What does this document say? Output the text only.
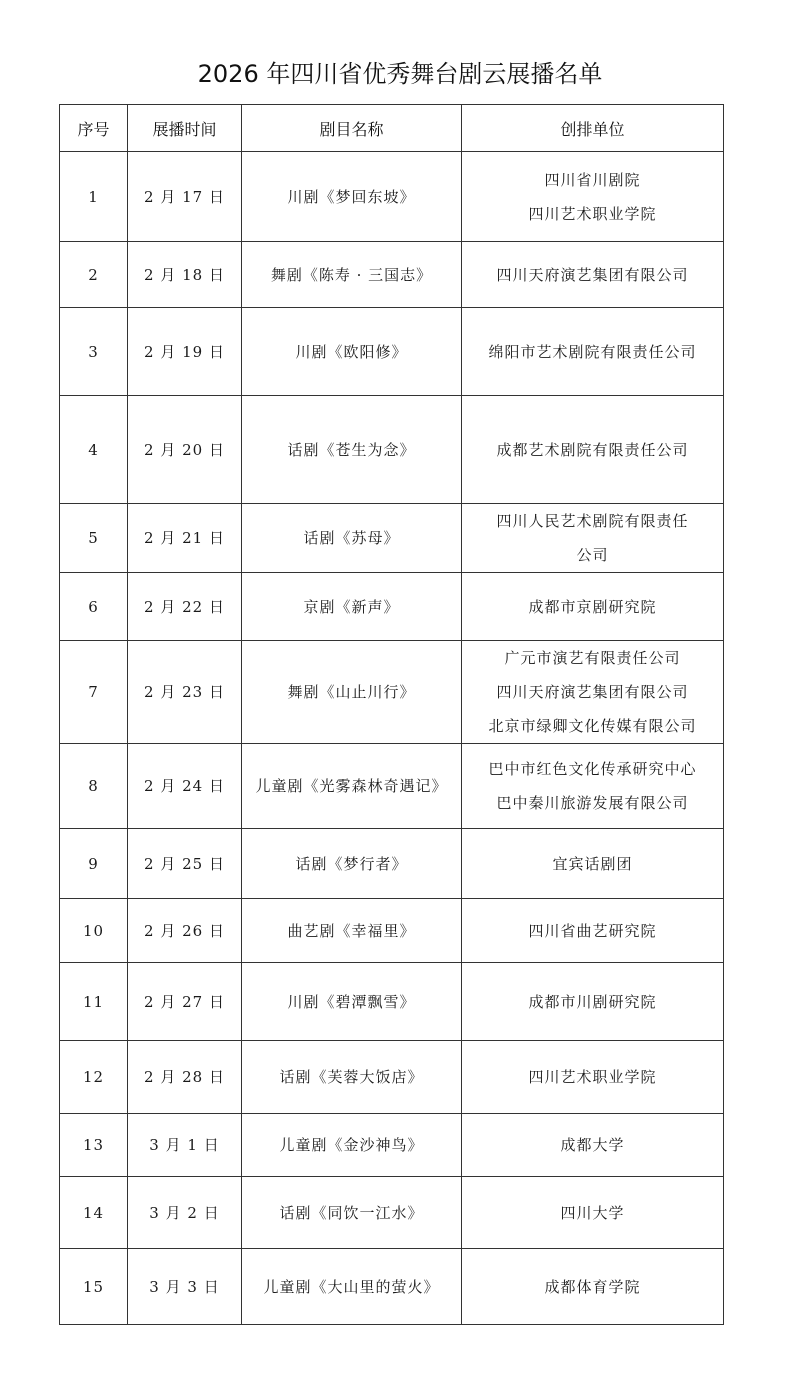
2026 年四川省优秀舞台剧云展播名单
序号	展播时间	剧目名称	创排单位
1	2 月 17 日	川剧《梦回东坡》	四川省川剧院
四川艺术职业学院

2	2 月 18 日	舞剧《陈寿 · 三国志》	四川天府演艺集团有限公司

3	2 月 19 日	川剧《欧阳修》	绵阳市艺术剧院有限责任公司

4	2 月 20 日	话剧《苍生为念》	成都艺术剧院有限责任公司

5	2 月 21 日	话剧《苏母》	四川人民艺术剧院有限责任
公司

6	2 月 22 日	京剧《新声》	成都市京剧研究院

7	2 月 23 日	舞剧《山止川行》	广元市演艺有限责任公司
四川天府演艺集团有限公司
北京市绿卿文化传媒有限公司

8	2 月 24 日	儿童剧《光雾森林奇遇记》	巴中市红色文化传承研究中心
巴中秦川旅游发展有限公司

9	2 月 25 日	话剧《梦行者》	宜宾话剧团

10	2 月 26 日	曲艺剧《幸福里》	四川省曲艺研究院

11	2 月 27 日	川剧《碧潭飘雪》	成都市川剧研究院

12	2 月 28 日	话剧《芙蓉大饭店》	四川艺术职业学院

13	3 月 1 日	儿童剧《金沙神鸟》	成都大学

14	3 月 2 日	话剧《同饮一江水》	四川大学

15	3 月 3 日	儿童剧《大山里的萤火》	成都体育学院
